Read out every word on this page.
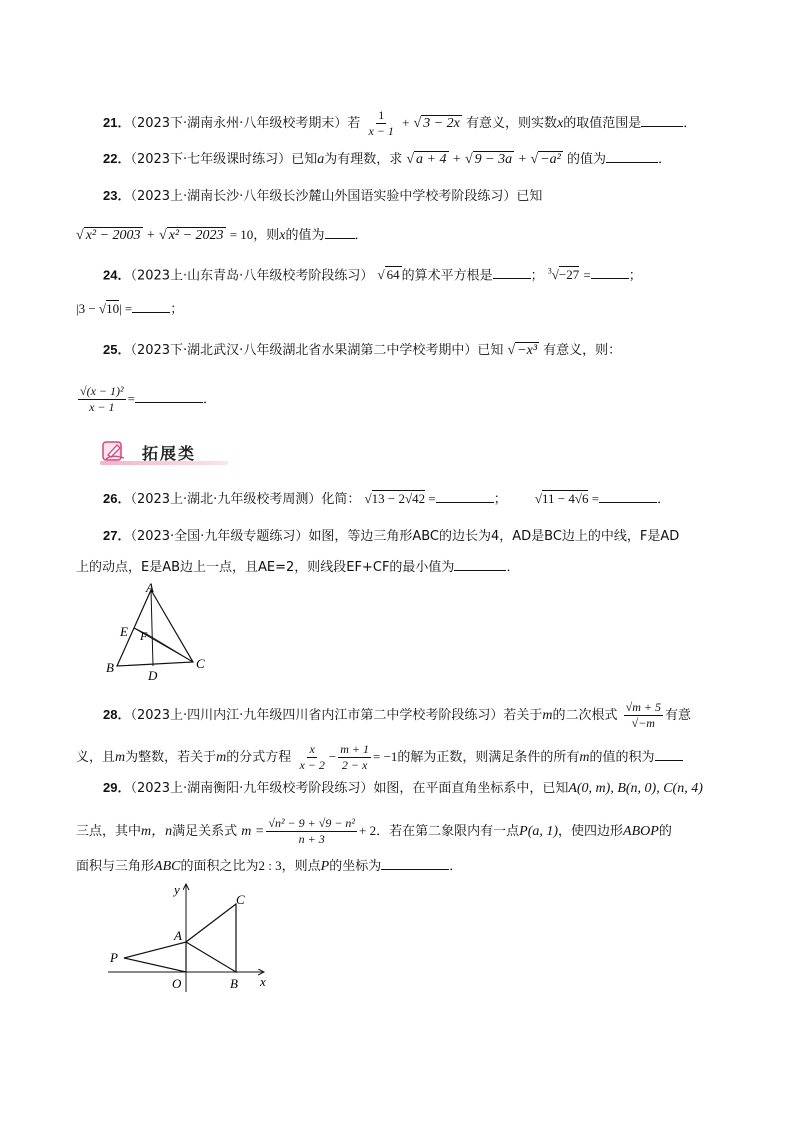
21．（2023下·湖南永州·八年级校考期末）若 $\frac{1}{x - 1}$ + √ 3 − 2x 有意义，则实数x的取值范围是	．
22．（2023下·七年级课时练习）已知a为有理数，求 √ a + 4 + √ 9 − 3a + √ −a² 的值为	．
23．（2023上·湖南长沙·八年级长沙麓山外国语实验中学校考阶段练习）已知
√ x² − 2003 + √ x² − 2023 = 10，则x的值为 ．
24．（2023上·山东青岛·八年级校考阶段练习） √ 64 的算术平方根是	； $^3$√−27 =	；
|3 − √10| =	；
25．（2023下·湖北武汉·八年级湖北省水果湖第二中学校考期中）已知 √ −x³ 有意义，则：
$\frac{\text{√(x − 1)²}}{x - 1}$ =	．
拓展类
26．（2023上·湖北·九年级校考周测）化简： √13 − 2√42 =	； √11 − 4√6 =	．
27．（2023·全国·九年级专题练习）如图，等边三角形ABC的边长为4，AD是BC边上的中线，F是AD
上的动点，E是AB边上一点，且AE=2，则线段EF+CF的最小值为	．
A
B	C
D
E F
28．（2023上·四川内江·九年级四川省内江市第二中学校考阶段练习）若关于m的二次根式 $\frac{√m + 5}{√-m}$ 有意
义，且m为整数，若关于m的分式方程 $\frac{x}{x - 2} - \frac{m + 1}{2 - x} = -1$的解为正数，则满足条件的所有m的值的积为
29．（2023上·湖南衡阳·九年级校考阶段练习）如图，在平面直角坐标系中，已知A(0, m), B(n, 0), C(n, 4)
三点，其中m，n满足关系式 $m = \frac{\text{√n² − 9 + √9 − n²}}{n + 3} + 2$．若在第二象限内有一点P(a, 1)，使四边形ABOP的
面积与三角形ABC的面积之比为2 : 3，则点P的坐标为	．
y
x
O
A
B
C
P
